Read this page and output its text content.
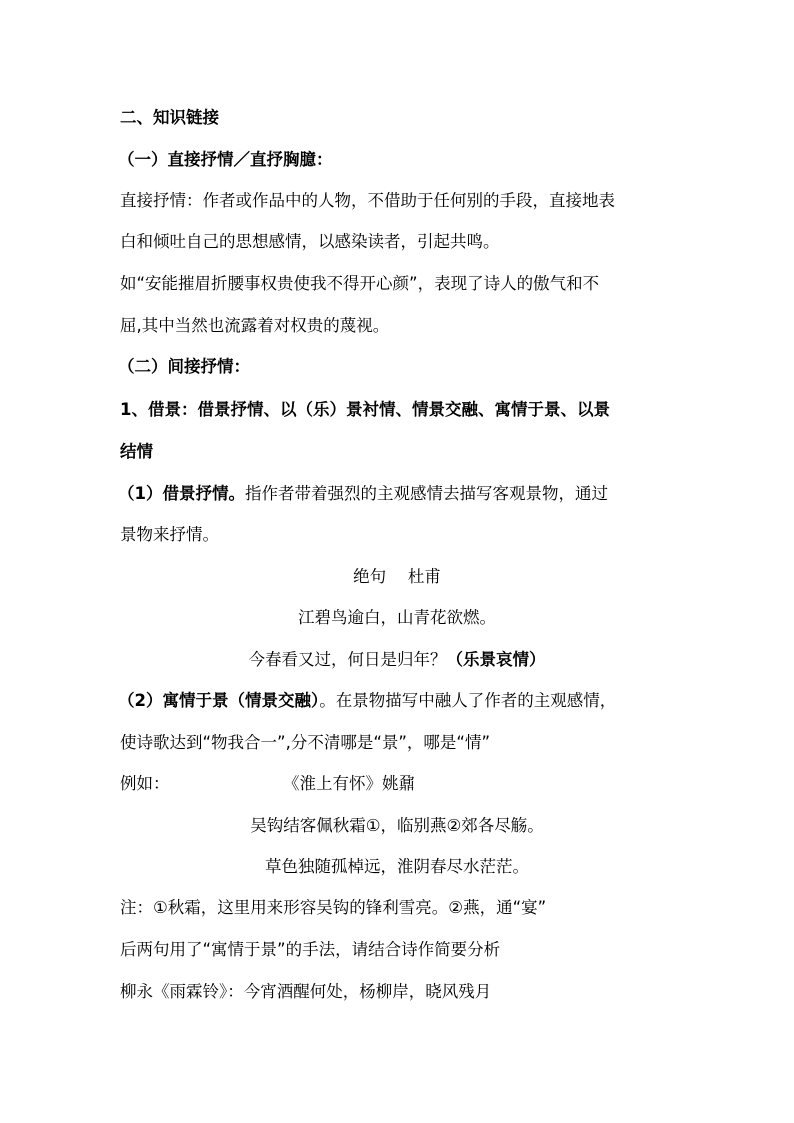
二、知识链接
（一）直接抒情／直抒胸臆：
直接抒情：作者或作品中的人物，不借助于任何别的手段，直接地表
白和倾吐自己的思想感情，以感染读者，引起共鸣。
如“安能摧眉折腰事权贵使我不得开心颜”，表现了诗人的傲气和不
屈,其中当然也流露着对权贵的蔑视。
（二）间接抒情：
1、借景：借景抒情、以（乐）景衬情、情景交融、寓情于景、以景
结情
（1）借景抒情。指作者带着强烈的主观感情去描写客观景物，通过
景物来抒情。
绝句　 杜甫
江碧鸟逾白，山青花欲燃。
今春看又过，何日是归年？（乐景哀情）
（2）寓情于景（情景交融）。在景物描写中融人了作者的主观感情，
使诗歌达到“物我合一”,分不清哪是“景”，哪是“情”
例如：	《淮上有怀》姚鼐
吴钩结客佩秋霜①，临别燕②郊各尽觞。
草色独随孤棹远，淮阴春尽水茫茫。
注：①秋霜，这里用来形容吴钩的锋利雪亮。②燕，通“宴”
后两句用了“寓情于景”的手法，请结合诗作简要分析
柳永《雨霖铃》：今宵酒醒何处，杨柳岸，晓风残月
